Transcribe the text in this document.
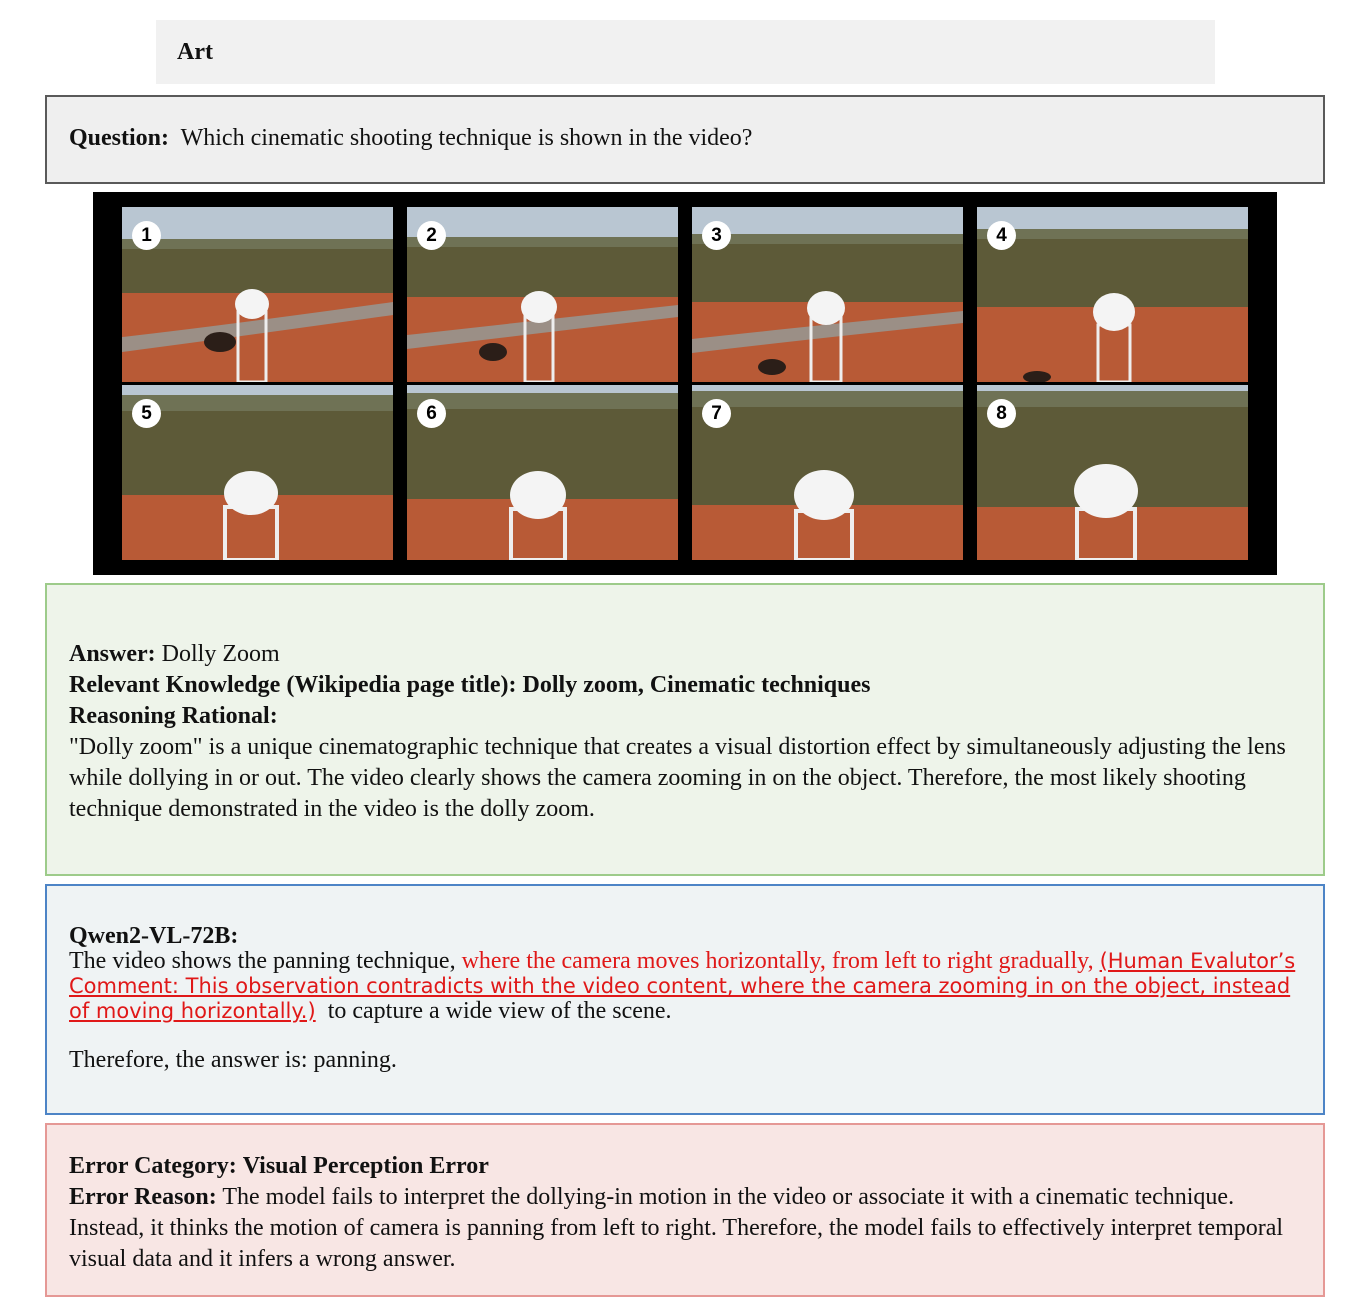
Art
Question: Which cinematic shooting technique is shown in the video?
1	2	3	4
5	6	7	8

Answer: Dolly Zoom

Relevant Knowledge (Wikipedia page title): Dolly zoom, Cinematic techniques

Reasoning Rational:

"Dolly zoom" is a unique cinematographic technique that creates a visual distortion effect by simultaneously adjusting the lens while dollying in or out. The video clearly shows the camera zooming in on the object. Therefore, the most likely shooting technique demonstrated in the video is the dolly zoom.

Qwen2-VL-72B:

The video shows the panning technique, where the camera moves horizontally, from left to right gradually, (Human Evalutor’s Comment: This observation contradicts with the video content, where the camera zooming in on the object, instead of moving horizontally.) to capture a wide view of the scene.

Therefore, the answer is: panning.

Error Category: Visual Perception Error

Error Reason: The model fails to interpret the dollying-in motion in the video or associate it with a cinematic technique. Instead, it thinks the motion of camera is panning from left to right. Therefore, the model fails to effectively interpret temporal visual data and it infers a wrong answer.
